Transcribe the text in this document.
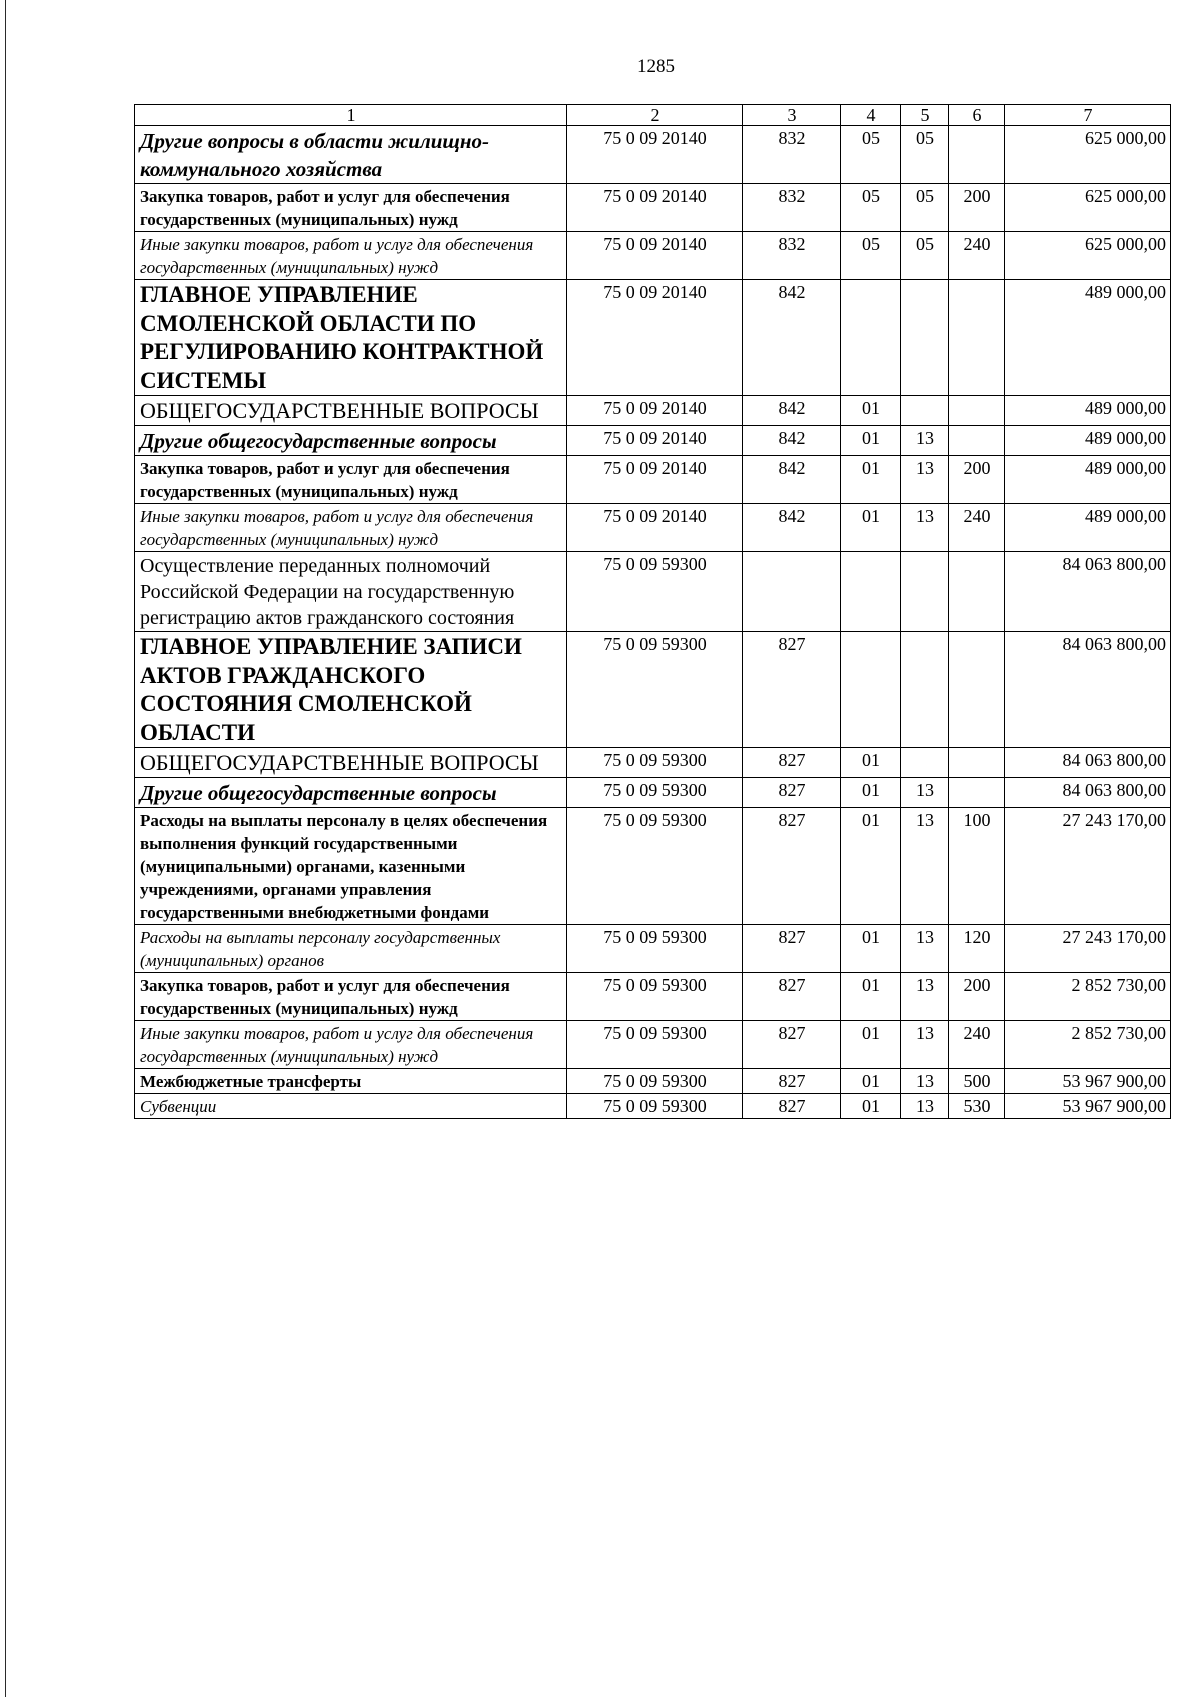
1285
1	2	3	4	5	6	7
Другие вопросы в области жилищно-коммунального хозяйства	75 0 09 20140	832	05	05		625 000,00
Закупка товаров, работ и услуг для обеспечения государственных (муниципальных) нужд	75 0 09 20140	832	05	05	200	625 000,00
Иные закупки товаров, работ и услуг для обеспечения государственных (муниципальных) нужд	75 0 09 20140	832	05	05	240	625 000,00
ГЛАВНОЕ УПРАВЛЕНИЕ СМОЛЕНСКОЙ ОБЛАСТИ ПО РЕГУЛИРОВАНИЮ КОНТРАКТНОЙ СИСТЕМЫ	75 0 09 20140	842				489 000,00
ОБЩЕГОСУДАРСТВЕННЫЕ ВОПРОСЫ	75 0 09 20140	842	01			489 000,00
Другие общегосударственные вопросы	75 0 09 20140	842	01	13		489 000,00
Закупка товаров, работ и услуг для обеспечения государственных (муниципальных) нужд	75 0 09 20140	842	01	13	200	489 000,00
Иные закупки товаров, работ и услуг для обеспечения государственных (муниципальных) нужд	75 0 09 20140	842	01	13	240	489 000,00
Осуществление переданных полномочий Российской Федерации на государственную регистрацию актов гражданского состояния	75 0 09 59300					84 063 800,00
ГЛАВНОЕ УПРАВЛЕНИЕ ЗАПИСИ АКТОВ ГРАЖДАНСКОГО СОСТОЯНИЯ СМОЛЕНСКОЙ ОБЛАСТИ	75 0 09 59300	827				84 063 800,00
ОБЩЕГОСУДАРСТВЕННЫЕ ВОПРОСЫ	75 0 09 59300	827	01			84 063 800,00
Другие общегосударственные вопросы	75 0 09 59300	827	01	13		84 063 800,00
Расходы на выплаты персоналу в целях обеспечения выполнения функций государственными (муниципальными) органами, казенными учреждениями, органами управления государственными внебюджетными фондами	75 0 09 59300	827	01	13	100	27 243 170,00
Расходы на выплаты персоналу государственных (муниципальных) органов	75 0 09 59300	827	01	13	120	27 243 170,00
Закупка товаров, работ и услуг для обеспечения государственных (муниципальных) нужд	75 0 09 59300	827	01	13	200	2 852 730,00
Иные закупки товаров, работ и услуг для обеспечения государственных (муниципальных) нужд	75 0 09 59300	827	01	13	240	2 852 730,00
Межбюджетные трансферты	75 0 09 59300	827	01	13	500	53 967 900,00
Субвенции	75 0 09 59300	827	01	13	530	53 967 900,00
